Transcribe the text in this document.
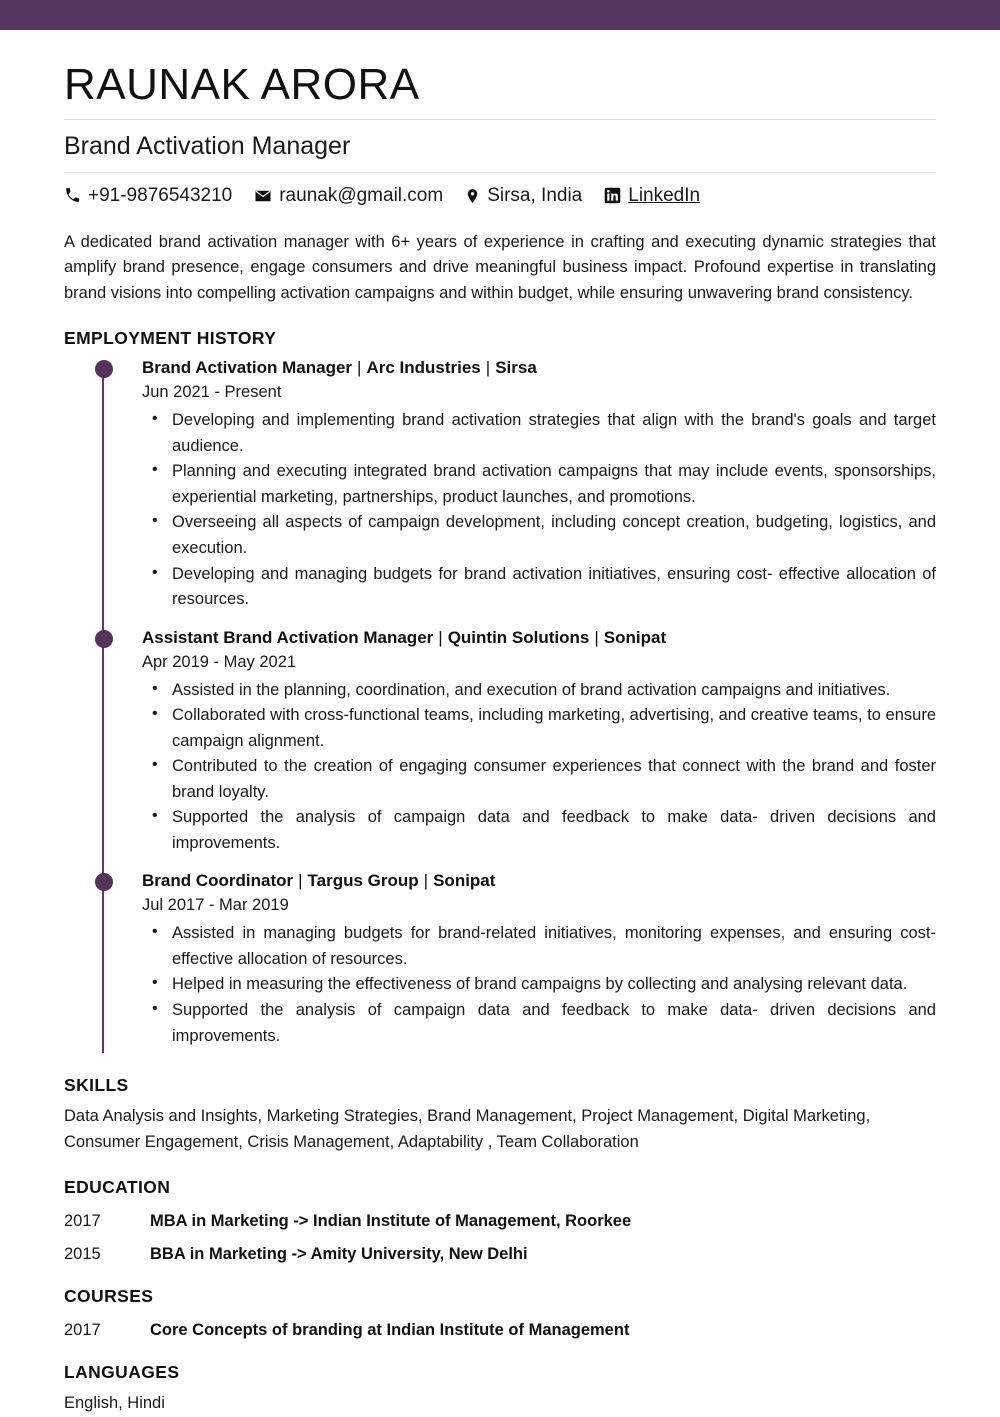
RAUNAK ARORA
Brand Activation Manager
+91-9876543210 raunak@gmail.com Sirsa, India LinkedIn
A dedicated brand activation manager with 6+ years of experience in crafting and executing dynamic strategies that amplify brand presence, engage consumers and drive meaningful business impact. Profound expertise in translating brand visions into compelling activation campaigns and within budget, while ensuring unwavering brand consistency.
EMPLOYMENT HISTORY
Brand Activation Manager | Arc Industries | Sirsa
Jun 2021 - Present
• Developing and implementing brand activation strategies that align with the brand's goals and target audience.
• Planning and executing integrated brand activation campaigns that may include events, sponsorships, experiential marketing, partnerships, product launches, and promotions.
• Overseeing all aspects of campaign development, including concept creation, budgeting, logistics, and execution.
• Developing and managing budgets for brand activation initiatives, ensuring cost- effective allocation of resources.
Assistant Brand Activation Manager | Quintin Solutions | Sonipat
Apr 2019 - May 2021
• Assisted in the planning, coordination, and execution of brand activation campaigns and initiatives.
• Collaborated with cross-functional teams, including marketing, advertising, and creative teams, to ensure campaign alignment.
• Contributed to the creation of engaging consumer experiences that connect with the brand and foster brand loyalty.
• Supported the analysis of campaign data and feedback to make data- driven decisions and improvements.
Brand Coordinator | Targus Group | Sonipat
Jul 2017 - Mar 2019
• Assisted in managing budgets for brand-related initiatives, monitoring expenses, and ensuring cost-effective allocation of resources.
• Helped in measuring the effectiveness of brand campaigns by collecting and analysing relevant data.
• Supported the analysis of campaign data and feedback to make data- driven decisions and improvements.
SKILLS
Data Analysis and Insights, Marketing Strategies, Brand Management, Project Management, Digital Marketing, Consumer Engagement, Crisis Management, Adaptability , Team Collaboration
EDUCATION
2017	MBA in Marketing -> Indian Institute of Management, Roorkee
2015	BBA in Marketing -> Amity University, New Delhi
COURSES
2017	Core Concepts of branding at Indian Institute of Management
LANGUAGES
English, Hindi
